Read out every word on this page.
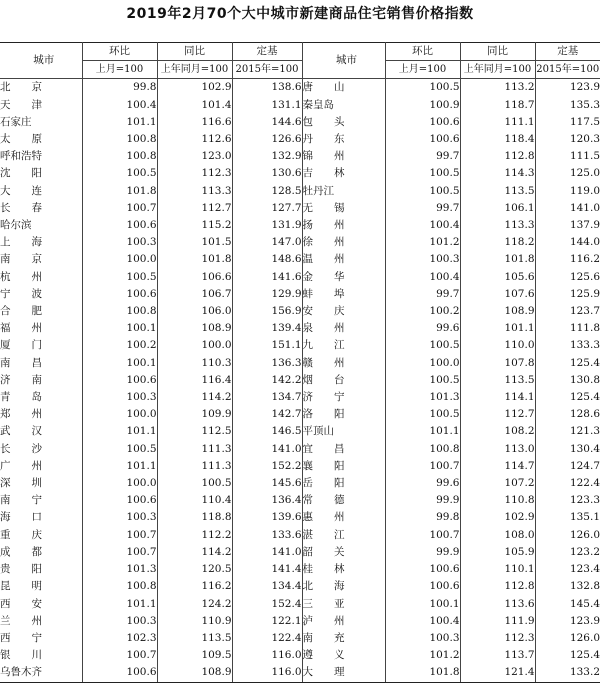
2019年2月70个大中城市新建商品住宅销售价格指数
城市	环比	同比	定基	城市	环比	同比	定基
	上月=100	上年同月=100	2015年=100		上月=100	上年同月=100	2015年=100
北　　京	99.8	102.9	138.6	唐　　山	100.5	113.2	123.9
天　　津	100.4	101.4	131.1	秦皇岛	100.9	118.7	135.3
石家庄	101.1	116.6	144.6	包　　头	100.6	111.1	117.5
太　　原	100.8	112.6	126.6	丹　　东	100.6	118.4	120.3
呼和浩特	100.8	123.0	132.9	锦　　州	99.7	112.8	111.5
沈　　阳	100.5	112.3	130.6	吉　　林	100.5	114.3	125.0
大　　连	101.8	113.3	128.5	牡丹江	100.5	113.5	119.0
长　　春	100.7	112.7	127.7	无　　锡	99.7	106.1	141.0
哈尔滨	100.6	115.2	131.9	扬　　州	100.4	113.3	137.9
上　　海	100.3	101.5	147.0	徐　　州	101.2	118.2	144.0
南　　京	100.0	101.8	148.6	温　　州	100.3	101.8	116.2
杭　　州	100.5	106.6	141.6	金　　华	100.4	105.6	125.6
宁　　波	100.6	106.7	129.9	蚌　　埠	99.7	107.6	125.9
合　　肥	100.8	106.0	156.9	安　　庆	100.2	108.9	123.7
福　　州	100.1	108.9	139.4	泉　　州	99.6	101.1	111.8
厦　　门	100.2	100.0	151.1	九　　江	100.5	110.0	133.3
南　　昌	100.1	110.3	136.3	赣　　州	100.0	107.8	125.4
济　　南	100.6	116.4	142.2	烟　　台	100.5	113.5	130.8
青　　岛	100.3	114.2	134.7	济　　宁	101.3	114.1	125.4
郑　　州	100.0	109.9	142.7	洛　　阳	100.5	112.7	128.6
武　　汉	101.1	112.5	146.5	平顶山	101.1	108.2	121.3
长　　沙	100.5	111.3	141.0	宜　　昌	100.8	113.0	130.4
广　　州	101.1	111.3	152.2	襄　　阳	100.7	114.7	124.7
深　　圳	100.0	100.5	145.6	岳　　阳	99.6	107.2	122.4
南　　宁	100.6	110.4	136.4	常　　德	99.9	110.8	123.3
海　　口	100.3	118.8	139.6	惠　　州	99.8	102.9	135.1
重　　庆	100.7	112.2	133.6	湛　　江	100.7	108.0	126.0
成　　都	100.7	114.2	141.0	韶　　关	99.9	105.9	123.2
贵　　阳	101.3	120.5	141.4	桂　　林	100.6	110.1	123.4
昆　　明	100.8	116.2	134.4	北　　海	100.6	112.8	132.8
西　　安	101.1	124.2	152.4	三　　亚	100.1	113.6	145.4
兰　　州	100.3	110.9	122.1	泸　　州	100.4	111.9	123.9
西　　宁	102.3	113.5	122.4	南　　充	100.3	112.3	126.0
银　　川	100.7	109.5	116.0	遵　　义	101.2	113.7	125.4
乌鲁木齐	100.6	108.9	116.0	大　　理	101.8	121.4	133.2
